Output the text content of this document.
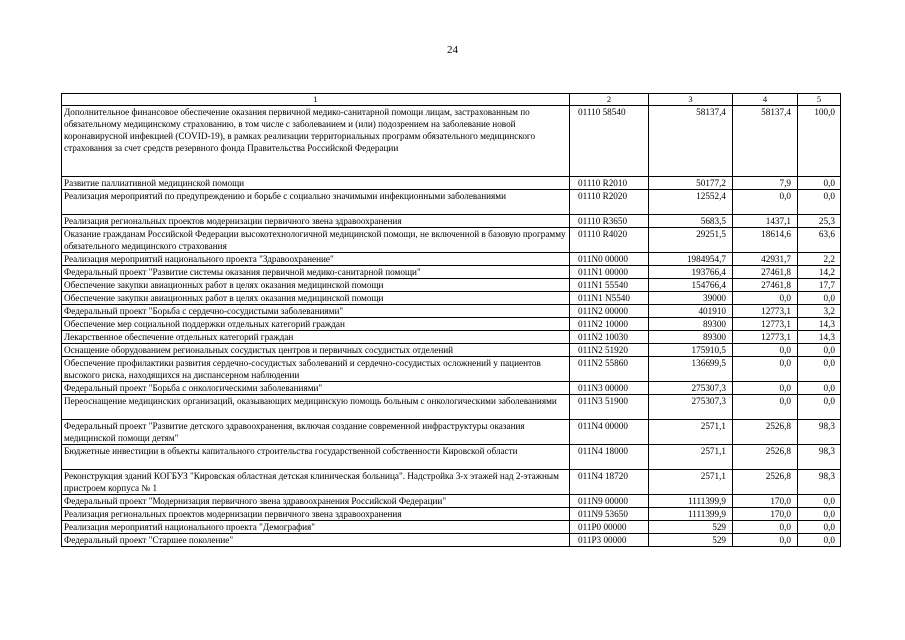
24
1	2	3	4	5
Дополнительное финансовое обеспечение оказания первичной медико-санитарной помощи лицам, застрахованным по обязательному медицинскому страхованию, в том числе с заболеванием и (или) подозрением на заболевание новой коронавирусной инфекцией (COVID-19), в рамках реализации территориальных программ обязательного медицинского страхования за счет средств резервного фонда Правительства Российской Федерации	01110 58540	58137,4	58137,4	100,0
Развитие паллиативной медицинской помощи	01110 R2010	50177,2	7,9	0,0
Реализация мероприятий по предупреждению и борьбе с социально значимыми инфекционными заболеваниями	01110 R2020	12552,4	0,0	0,0
Реализация региональных проектов модернизации первичного звена здравоохранения	01110 R3650	5683,5	1437,1	25,3
Оказание гражданам Российской Федерации высокотехнологичной медицинской помощи, не включенной в базовую программу обязательного медицинского страхования	01110 R4020	29251,5	18614,6	63,6
Реализация мероприятий национального проекта "Здравоохранение"	011N0 00000	1984954,7	42931,7	2,2
Федеральный проект "Развитие системы оказания первичной медико-санитарной помощи"	011N1 00000	193766,4	27461,8	14,2
Обеспечение закупки авиационных работ в целях оказания медицинской помощи	011N1 55540	154766,4	27461,8	17,7
Обеспечение закупки авиационных работ в целях оказания медицинской помощи	011N1 N5540	39000	0,0	0,0
Федеральный проект "Борьба с сердечно-сосудистыми заболеваниями"	011N2 00000	401910	12773,1	3,2
Обеспечение мер социальной поддержки отдельных категорий граждан	011N2 10000	89300	12773,1	14,3
Лекарственное обеспечение отдельных категорий граждан	011N2 10030	89300	12773,1	14,3
Оснащение оборудованием региональных сосудистых центров и первичных сосудистых отделений	011N2 51920	175910,5	0,0	0,0
Обеспечение профилактики развития сердечно-сосудистых заболеваний и сердечно-сосудистых осложнений у пациентов высокого риска, находящихся на диспансерном наблюдении	011N2 55860	136699,5	0,0	0,0
Федеральный проект "Борьба с онкологическими заболеваниями"	011N3 00000	275307,3	0,0	0,0
Переоснащение медицинских организаций, оказывающих медицинскую помощь больным с онкологическими заболеваниями	011N3 51900	275307,3	0,0	0,0
Федеральный проект "Развитие детского здравоохранения, включая создание современной инфраструктуры оказания медицинской помощи детям"	011N4 00000	2571,1	2526,8	98,3
Бюджетные инвестиции в объекты капитального строительства государственной собственности Кировской области	011N4 18000	2571,1	2526,8	98,3
Реконструкция зданий КОГБУЗ "Кировская областная детская клиническая больница". Надстройка 3-х этажей над 2-этажным пристроем корпуса № 1	011N4 18720	2571,1	2526,8	98,3
Федеральный проект "Модернизация первичного звена здравоохранения Российской Федерации"	011N9 00000	1111399,9	170,0	0,0
Реализация региональных проектов модернизации первичного звена здравоохранения	011N9 53650	1111399,9	170,0	0,0
Реализация мероприятий национального проекта "Демография"	011P0 00000	529	0,0	0,0
Федеральный проект "Старшее поколение"	011P3 00000	529	0,0	0,0
